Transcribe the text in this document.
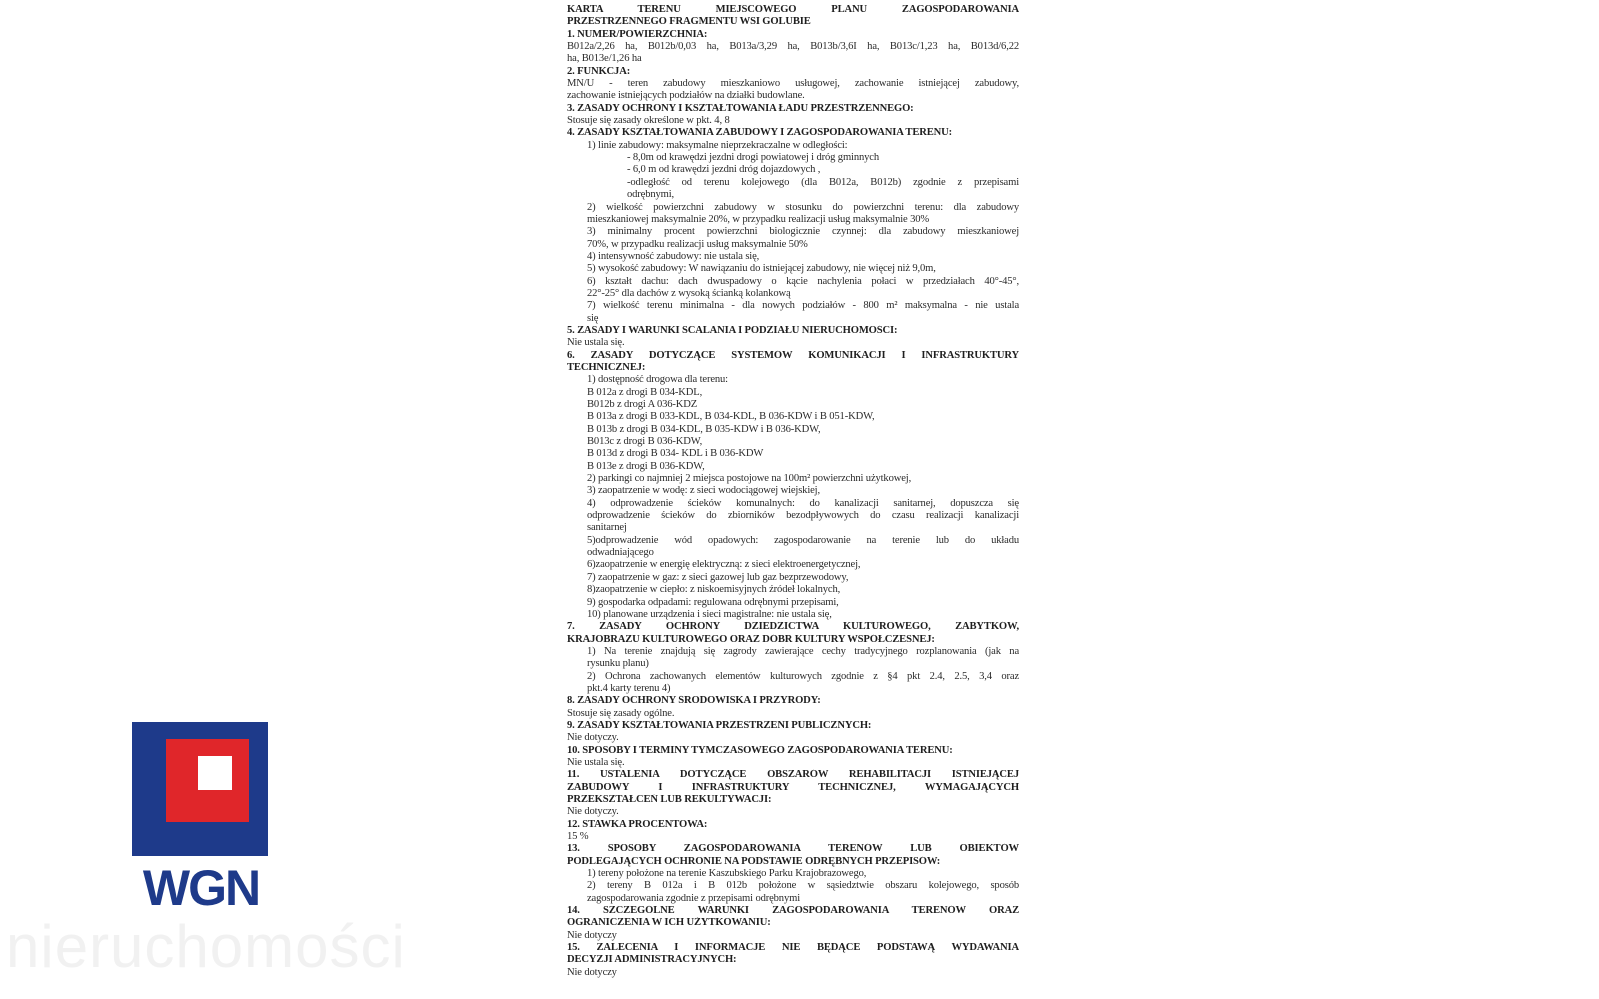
KARTA TERENU MIEJSCOWEGO PLANU ZAGOSPODAROWANIA
PRZESTRZENNEGO FRAGMENTU WSI GOLUBIE
1. NUMER/POWIERZCHNIA:
B012a/2,26 ha, B012b/0,03 ha, B013a/3,29 ha, B013b/3,6I ha, B013c/1,23 ha, B013d/6,22
ha, B013e/1,26 ha
2. FUNKCJA:
MN/U - teren zabudowy mieszkaniowo usługowej, zachowanie istniejącej zabudowy,
zachowanie istniejących podziałów na działki budowlane.
3. ZASADY OCHRONY I KSZTAŁTOWANIA ŁADU PRZESTRZENNEGO:
Stosuje się zasady określone w pkt. 4, 8
4. ZASADY KSZTAŁTOWANIA ZABUDOWY I ZAGOSPODAROWANIA TERENU:
1) linie zabudowy: maksymalne nieprzekraczalne w odległości:
- 8,0m od krawędzi jezdni drogi powiatowej i dróg gminnych
- 6,0 m od krawędzi jezdni dróg dojazdowych ,
-odległość od terenu kolejowego (dla B012a, B012b) zgodnie z przepisami
odrębnymi,
2) wielkość powierzchni zabudowy w stosunku do powierzchni terenu: dla zabudowy
mieszkaniowej maksymalnie 20%, w przypadku realizacji usług maksymalnie 30%
3) minimalny procent powierzchni biologicznie czynnej: dla zabudowy mieszkaniowej
70%, w przypadku realizacji usług maksymalnie 50%
4) intensywność zabudowy: nie ustala się,
5) wysokość zabudowy: W nawiązaniu do istniejącej zabudowy, nie więcej niż 9,0m,
6) kształt dachu: dach dwuspadowy o kącie nachylenia połaci w przedziałach 40°-45°,
22°-25° dla dachów z wysoką ścianką kolankową
7) wielkość terenu minimalna - dla nowych podziałów - 800 m² maksymalna - nie ustala
się
5. ZASADY I WARUNKI SCALANIA I PODZIAŁU NIERUCHOMOŚCI:
Nie ustala się.
6. ZASADY DOTYCZĄCE SYSTEMÓW KOMUNIKACJI I INFRASTRUKTURY
TECHNICZNEJ:
1) dostępność drogowa dla terenu:
B 012a z drogi B 034-KDL,
B012b z drogi A 036-KDZ
B 013a z drogi B 033-KDL, B 034-KDL, B 036-KDW i B 051-KDW,
B 013b z drogi B 034-KDL, B 035-KDW i B 036-KDW,
B013c z drogi B 036-KDW,
B 013d z drogi B 034- KDL i B 036-KDW
B 013e z drogi B 036-KDW,
2) parkingi co najmniej 2 miejsca postojowe na 100m² powierzchni użytkowej,
3) zaopatrzenie w wodę: z sieci wodociągowej wiejskiej,
4) odprowadzenie ścieków komunalnych: do kanalizacji sanitarnej, dopuszcza się
odprowadzenie ścieków do zbiorników bezodpływowych do czasu realizacji kanalizacji
sanitarnej
5)odprowadzenie wód opadowych: zagospodarowanie na terenie lub do układu
odwadniającego
6)zaopatrzenie w energię elektryczną: z sieci elektroenergetycznej,
7) zaopatrzenie w gaz: z sieci gazowej lub gaz bezprzewodowy,
8)zaopatrzenie w ciepło: z niskoemisyjnych źródeł lokalnych,
9) gospodarka odpadami: regulowana odrębnymi przepisami,
10) planowane urządzenia i sieci magistralne: nie ustala się,
7. ZASADY OCHRONY DZIEDZICTWA KULTUROWEGO, ZABYTKÓW,
KRAJOBRAZU KULTUROWEGO ORAZ DÓBR KULTURY WSPÓŁCZESNEJ:
1) Na terenie znajdują się zagrody zawierające cechy tradycyjnego rozplanowania (jak na
rysunku planu)
2) Ochrona zachowanych elementów kulturowych zgodnie z §4 pkt 2.4, 2.5, 3,4 oraz
pkt.4 karty terenu 4)
8. ZASADY OCHRONY ŚRODOWISKA I PRZYRODY:
Stosuje się zasady ogólne.
9. ZASADY KSZTAŁTOWANIA PRZESTRZENI PUBLICZNYCH:
Nie dotyczy.
10. SPOSOBY I TERMINY TYMCZASOWEGO ZAGOSPODAROWANIA TERENU:
Nie ustala się.
11. USTALENIA DOTYCZĄCE OBSZARÓW REHABILITACJI ISTNIEJĄCEJ
ZABUDOWY I INFRASTRUKTURY TECHNICZNEJ, WYMAGAJĄCYCH
PRZEKSZTAŁCEŃ LUB REKULTYWACJI:
Nie dotyczy.
12. STAWKA PROCENTOWA:
15 %
13. SPOSOBY ZAGOSPODAROWANIA TERENÓW LUB OBIEKTÓW
PODLEGAJĄCYCH OCHRONIE NA PODSTAWIE ODRĘBNYCH PRZEPISÓW:
1) tereny położone na terenie Kaszubskiego Parku Krajobrazowego,
2) tereny B 012a i B 012b położone w sąsiedztwie obszaru kolejowego, sposób
zagospodarowania zgodnie z przepisami odrębnymi
14. SZCZEGÓLNE WARUNKI ZAGOSPODAROWANIA TERENÓW ORAZ
OGRANICZENIA W ICH UŻYTKOWANIU:
Nie dotyczy
15. ZALECENIA I INFORMACJE NIE BĘDĄCE PODSTAWĄ WYDAWANIA
DECYZJI ADMINISTRACYJNYCH:
Nie dotyczy
WGN
nieruchomości
